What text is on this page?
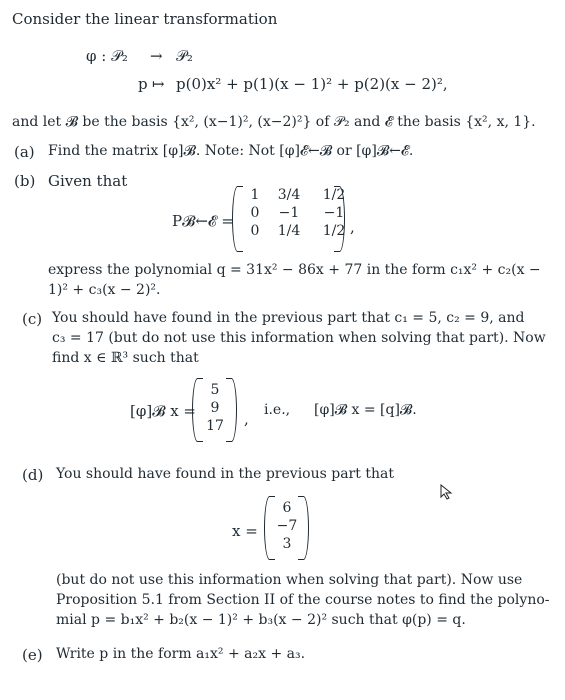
Consider the linear transformation
φ : 𝒫₂ → 𝒫₂
p ↦ p(0)x² + p(1)(x − 1)² + p(2)(x − 2)²,
and let 𝓑 be the basis {x², (x−1)², (x−2)²} of 𝒫₂ and 𝓔 the basis {x², x, 1}.
(a) Find the matrix [φ]𝓑. Note: Not [φ]𝓔←𝓑 or [φ]𝓑←𝓔.
(b) Given that
P𝓑←𝓔 =
1	3/4	1/2
0	−1	−1
0	1/4	1/2 ,
express the polynomial q = 31x² − 86x + 77 in the form c₁x² + c₂(x −
1)² + c₃(x − 2)².
(c) You should have found in the previous part that c₁ = 5, c₂ = 9, and
c₃ = 17 (but do not use this information when solving that part). Now
find x ∈ ℝ³ such that
[φ]𝓑 x =
5
9
17	, i.e., [φ]𝓑 x = [q]𝓑.
(d) You should have found in the previous part that
x =
6
−7
3
(but do not use this information when solving that part). Now use
Proposition 5.1 from Section II of the course notes to find the polyno-
mial p = b₁x² + b₂(x − 1)² + b₃(x − 2)² such that φ(p) = q.
(e) Write p in the form a₁x² + a₂x + a₃.
